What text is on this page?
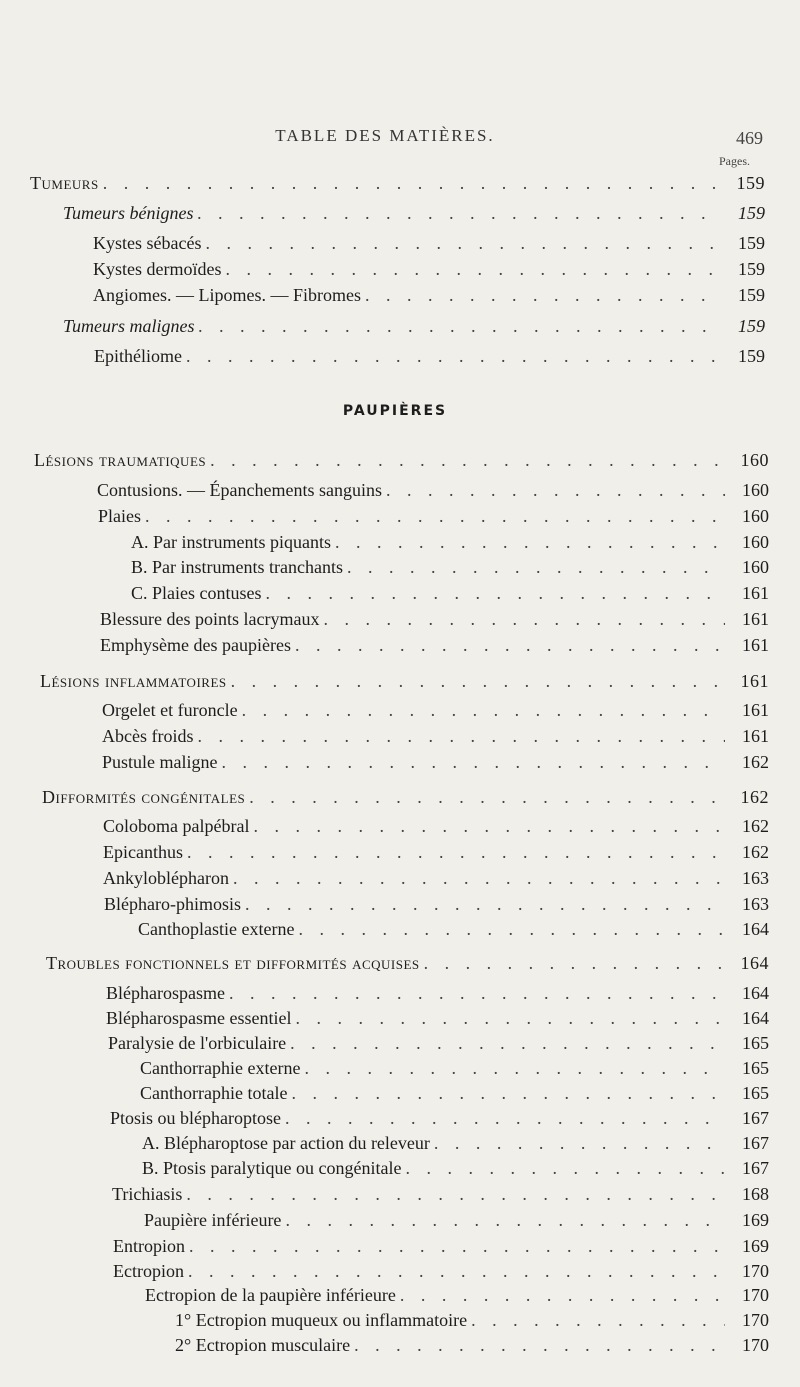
TABLE DES MATIÈRES.	469
Pages.
PAUPIÈRES
Tumeurs . . .	159
Tumeurs bénignes . . .	159
Kystes sébacés . . .	159
Kystes dermoïdes . . .	159
Angiomes. — Lipomes. — Fibromes . . .	159
Tumeurs malignes . . .	159
Epithéliome . . .	159
Lésions traumatiques . . .	160
Contusions. — Épanchements sanguins . . .	160
Plaies . . .	160
A. Par instruments piquants . . .	160
B. Par instruments tranchants . . .	160
C. Plaies contuses . . .	161
Blessure des points lacrymaux . . .	161
Emphysème des paupières . . .	161
Lésions inflammatoires . . .	161
Orgelet et furoncle . . .	161
Abcès froids . . .	161
Pustule maligne . . .	162
Difformités congénitales . . .	162
Coloboma palpébral . . .	162
Epicanthus . . .	162
Ankyloblépharon . . .	163
Blépharo-phimosis . . .	163
Canthoplastie externe . . .	164
Troubles fonctionnels et difformités acquises . . .	164
Blépharospasme . . .	164
Blépharospasme essentiel . . .	164
Paralysie de l'orbiculaire . . .	165
Canthorraphie externe . . .	165
Canthorraphie totale . . .	165
Ptosis ou blépharoptose . . .	167
A. Blépharoptose par action du releveur . . .	167
B. Ptosis paralytique ou congénitale . . .	167
Trichiasis . . .	168
Paupière inférieure . . .	169
Entropion . . .	169
Ectropion . . .	170
Ectropion de la paupière inférieure . . .	170
1° Ectropion muqueux ou inflammatoire . . .	170
2° Ectropion musculaire . . .	170
